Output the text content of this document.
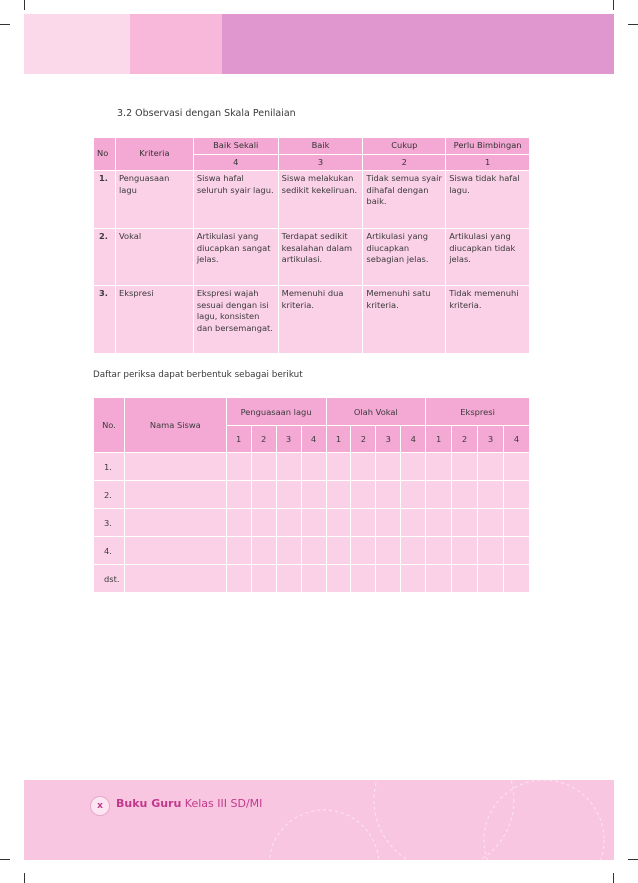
3.2 Observasi dengan Skala Penilaian
No	Kriteria	Baik Sekali	Baik	Cukup	Perlu Bimbingan
		4	3	2	1
1.	Penguasaan lagu	Siswa hafal seluruh syair lagu.	Siswa melakukan sedikit kekeliruan.	Tidak semua syair dihafal dengan baik.	Siswa tidak hafal lagu.
2.	Vokal	Artikulasi yang diucapkan sangat jelas.	Terdapat sedikit kesalahan dalam artikulasi.	Artikulasi yang diucapkan sebagian jelas.	Artikulasi yang diucapkan tidak jelas.
3.	Ekspresi	Ekspresi wajah sesuai dengan isi lagu, konsisten dan bersemangat.	Memenuhi dua kriteria.	Memenuhi satu kriteria.	Tidak memenuhi kriteria.
Daftar periksa dapat berbentuk sebagai berikut
No.	Nama Siswa	Penguasaan lagu				Olah Vokal				Ekspresi			
		1	2	3	4	1	2	3	4	1	2	3	4
1.													
2.													
3.													
4.													
dst.													
x	Buku Guru Kelas III SD/MI
